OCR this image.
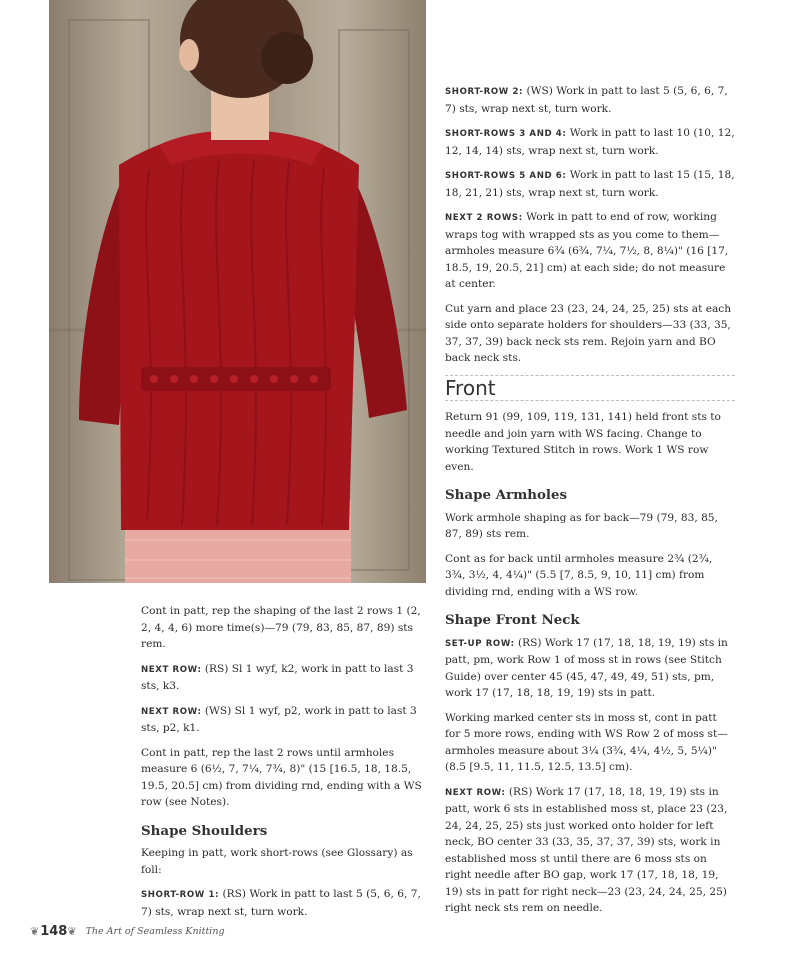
Cont in patt, rep the shaping of the last 2 rows 1 (2, 2, 4, 4, 6) more time(s)—79 (79, 83, 85, 87, 89) sts rem.

NEXT ROW: (RS) Sl 1 wyf, k2, work in patt to last 3 sts, k3.

NEXT ROW: (WS) Sl 1 wyf, p2, work in patt to last 3 sts, p2, k1.

Cont in patt, rep the last 2 rows until armholes measure 6 (6½, 7, 7¼, 7¾, 8)" (15 [16.5, 18, 18.5, 19.5, 20.5] cm) from dividing rnd, ending with a WS row (see Notes).

Shape Shoulders

Keeping in patt, work short-rows (see Glossary) as foll:

SHORT-ROW 1: (RS) Work in patt to last 5 (5, 6, 6, 7, 7) sts, wrap next st, turn work.

SHORT-ROW 2: (WS) Work in patt to last 5 (5, 6, 6, 7, 7) sts, wrap next st, turn work.

SHORT-ROWS 3 AND 4: Work in patt to last 10 (10, 12, 12, 14, 14) sts, wrap next st, turn work.

SHORT-ROWS 5 AND 6: Work in patt to last 15 (15, 18, 18, 21, 21) sts, wrap next st, turn work.

NEXT 2 ROWS: Work in patt to end of row, working wraps tog with wrapped sts as you come to them—armholes measure 6¾ (6¾, 7¼, 7½, 8, 8¼)" (16 [17, 18.5, 19, 20.5, 21] cm) at each side; do not measure at center.

Cut yarn and place 23 (23, 24, 24, 25, 25) sts at each side onto separate holders for shoulders—33 (33, 35, 37, 37, 39) back neck sts rem. Rejoin yarn and BO back neck sts.

Front

Return 91 (99, 109, 119, 131, 141) held front sts to needle and join yarn with WS facing. Change to working Textured Stitch in rows. Work 1 WS row even.

Shape Armholes

Work armhole shaping as for back—79 (79, 83, 85, 87, 89) sts rem.

Cont as for back until armholes measure 2¾ (2¾, 3¾, 3½, 4, 4¼)" (5.5 [7, 8.5, 9, 10, 11] cm) from dividing rnd, ending with a WS row.

Shape Front Neck

SET-UP ROW: (RS) Work 17 (17, 18, 18, 19, 19) sts in patt, pm, work Row 1 of moss st in rows (see Stitch Guide) over center 45 (45, 47, 49, 49, 51) sts, pm, work 17 (17, 18, 18, 19, 19) sts in patt.

Working marked center sts in moss st, cont in patt for 5 more rows, ending with WS Row 2 of moss st—armholes measure about 3¼ (3¾, 4¼, 4½, 5, 5¼)" (8.5 [9.5, 11, 11.5, 12.5, 13.5] cm).

NEXT ROW: (RS) Work 17 (17, 18, 18, 19, 19) sts in patt, work 6 sts in established moss st, place 23 (23, 24, 24, 25, 25) sts just worked onto holder for left neck, BO center 33 (33, 35, 37, 37, 39) sts, work in established moss st until there are 6 moss sts on right needle after BO gap, work 17 (17, 18, 18, 19, 19) sts in patt for right neck—23 (23, 24, 24, 25, 25) right neck sts rem on needle.

❦ 148 ❦ The Art of Seamless Knitting
